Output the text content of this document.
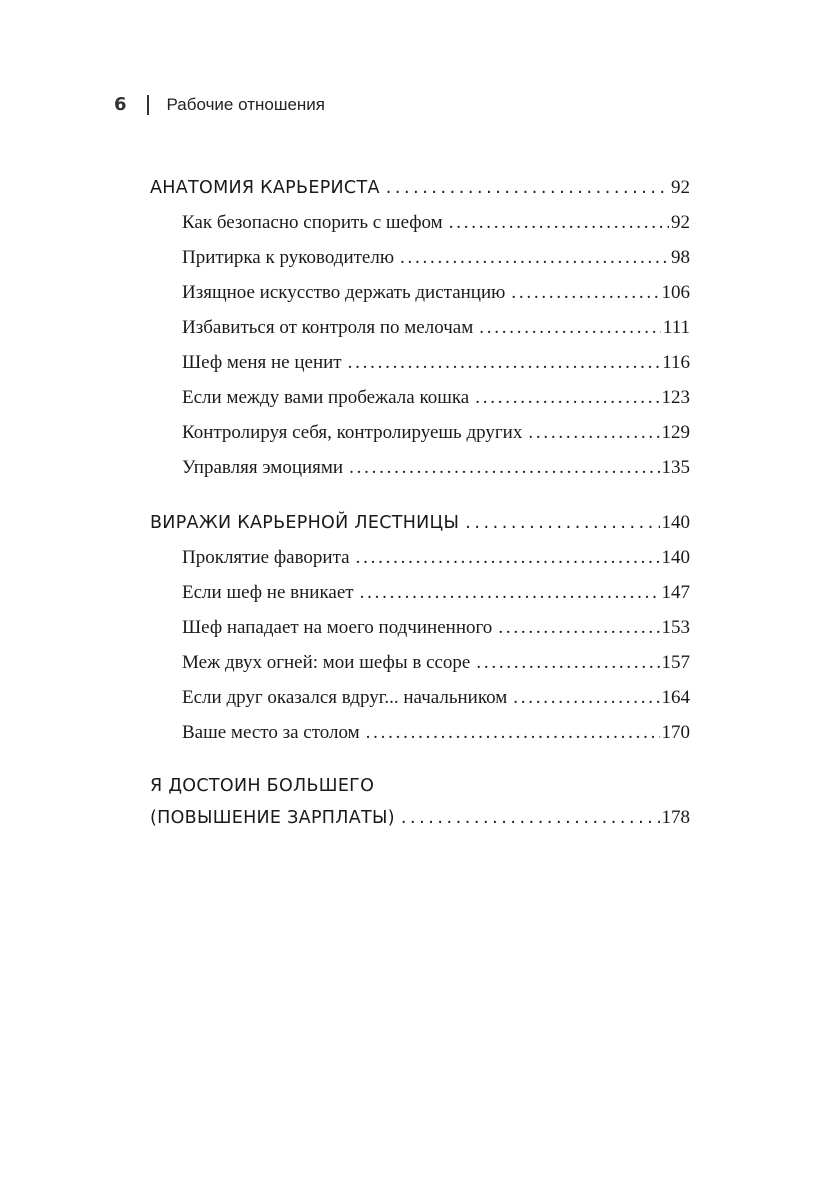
6 Рабочие отношения
АНАТОМИЯ КАРЬЕРИСТА . . .	92
Как безопасно спорить с шефом . . .	92
Притирка к руководителю . . .	98
Изящное искусство держать дистанцию . . .	106
Избавиться от контроля по мелочам . . .	111
Шеф меня не ценит . . .	116
Если между вами пробежала кошка . . .	123
Контролируя себя, контролируешь других . . .	129
Управляя эмоциями . . .	135
ВИРАЖИ КАРЬЕРНОЙ ЛЕСТНИЦЫ . . .	140
Проклятие фаворита . . .	140
Если шеф не вникает . . .	147
Шеф нападает на моего подчиненного . . .	153
Меж двух огней: мои шефы в ссоре . . .	157
Если друг оказался вдруг... начальником . . .	164
Ваше место за столом . . .	170
Я ДОСТОИН БОЛЬШЕГО
(ПОВЫШЕНИЕ ЗАРПЛАТЫ) . . .	178
